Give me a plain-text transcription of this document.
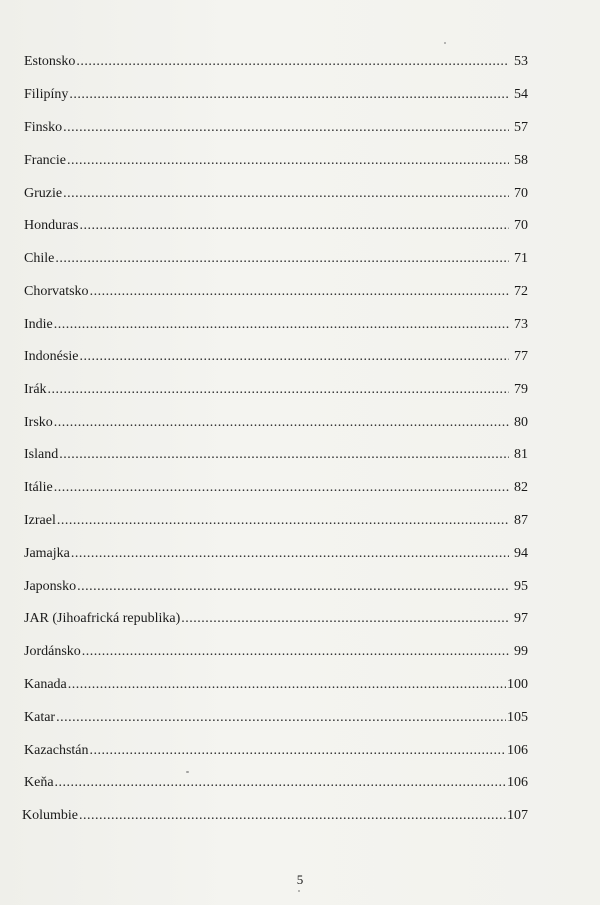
Estonsko .....	53
Filipíny .....	54
Finsko .....	57
Francie .....	58
Gruzie .....	70
Honduras .....	70
Chile .....	71
Chorvatsko .....	72
Indie .....	73
Indonésie .....	77
Irák .....	79
Irsko .....	80
Island .....	81
Itálie .....	82
Izrael .....	87
Jamajka .....	94
Japonsko .....	95
JAR (Jihoafrická republika) .....	97
Jordánsko .....	99
Kanada .....	100
Katar .....	105
Kazachstán .....	106
Keňa .....	106
Kolumbie .....	107
5
